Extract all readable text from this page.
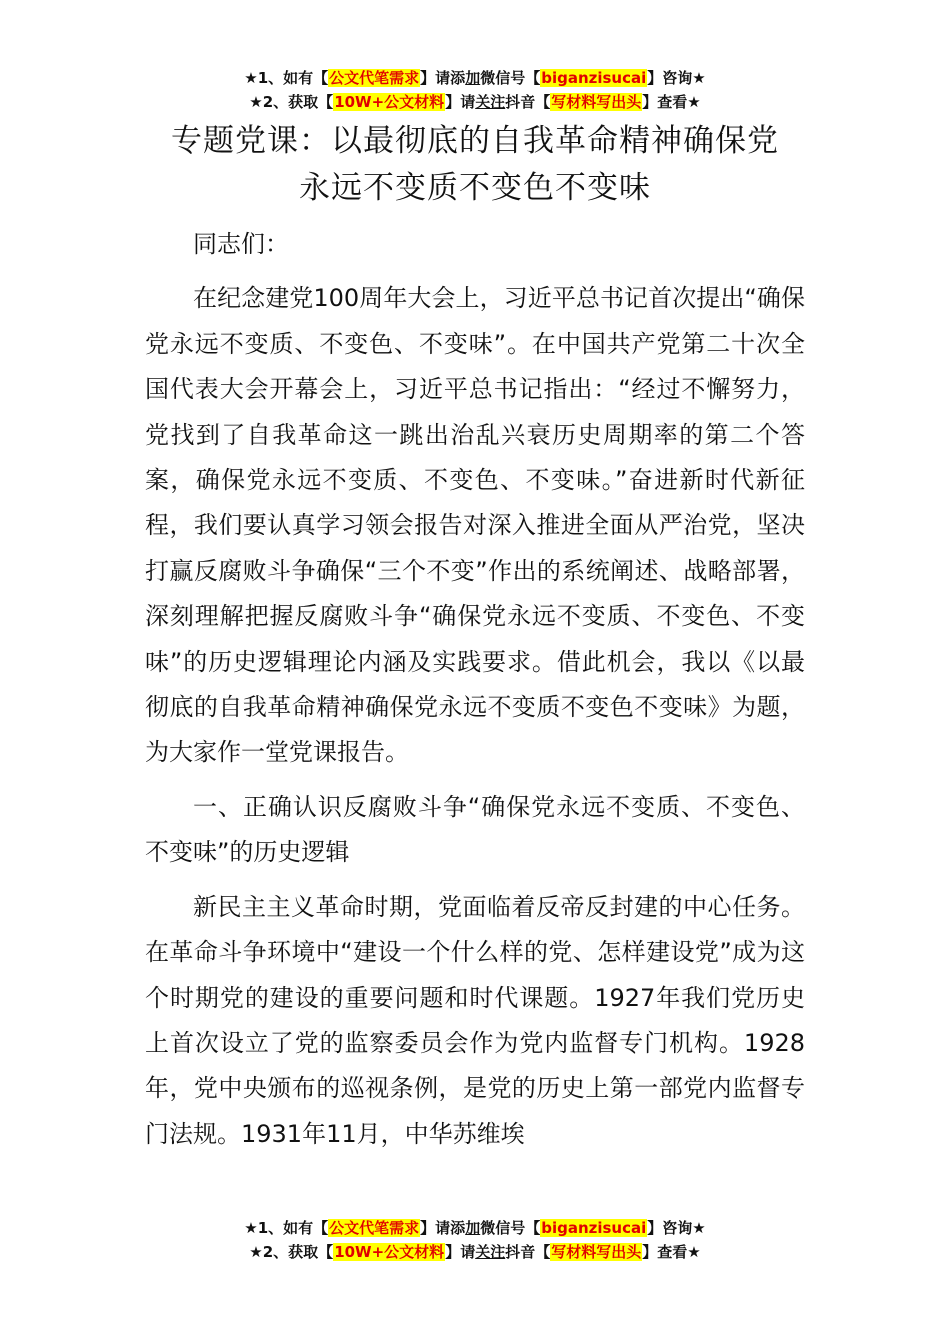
★1、如有【公文代笔需求】请添加微信号【biganzisucai】咨询★
★2、获取【10W+公文材料】请关注抖音【写材料写出头】查看★
专题党课：以最彻底的自我革命精神确保党
永远不变质不变色不变味

同志们：

在纪念建党100周年大会上，习近平总书记首次提出“确保党永远不变质、不变色、不变味”。在中国共产党第二十次全国代表大会开幕会上，习近平总书记指出：“经过不懈努力，党找到了自我革命这一跳出治乱兴衰历史周期率的第二个答案，确保党永远不变质、不变色、不变味。”奋进新时代新征程，我们要认真学习领会报告对深入推进全面从严治党，坚决打赢反腐败斗争确保“三个不变”作出的系统阐述、战略部署，深刻理解把握反腐败斗争“确保党永远不变质、不变色、不变味”的历史逻辑理论内涵及实践要求。借此机会，我以《以最彻底的自我革命精神确保党永远不变质不变色不变味》为题，为大家作一堂党课报告。

一、正确认识反腐败斗争“确保党永远不变质、不变色、不变味”的历史逻辑

新民主主义革命时期，党面临着反帝反封建的中心任务。在革命斗争环境中“建设一个什么样的党、怎样建设党”成为这个时期党的建设的重要问题和时代课题。1927年我们党历史上首次设立了党的监察委员会作为党内监督专门机构。1928年，党中央颁布的巡视条例，是党的历史上第一部党内监督专门法规。1931年11月，中华苏维埃

★1、如有【公文代笔需求】请添加微信号【biganzisucai】咨询★
★2、获取【10W+公文材料】请关注抖音【写材料写出头】查看★
